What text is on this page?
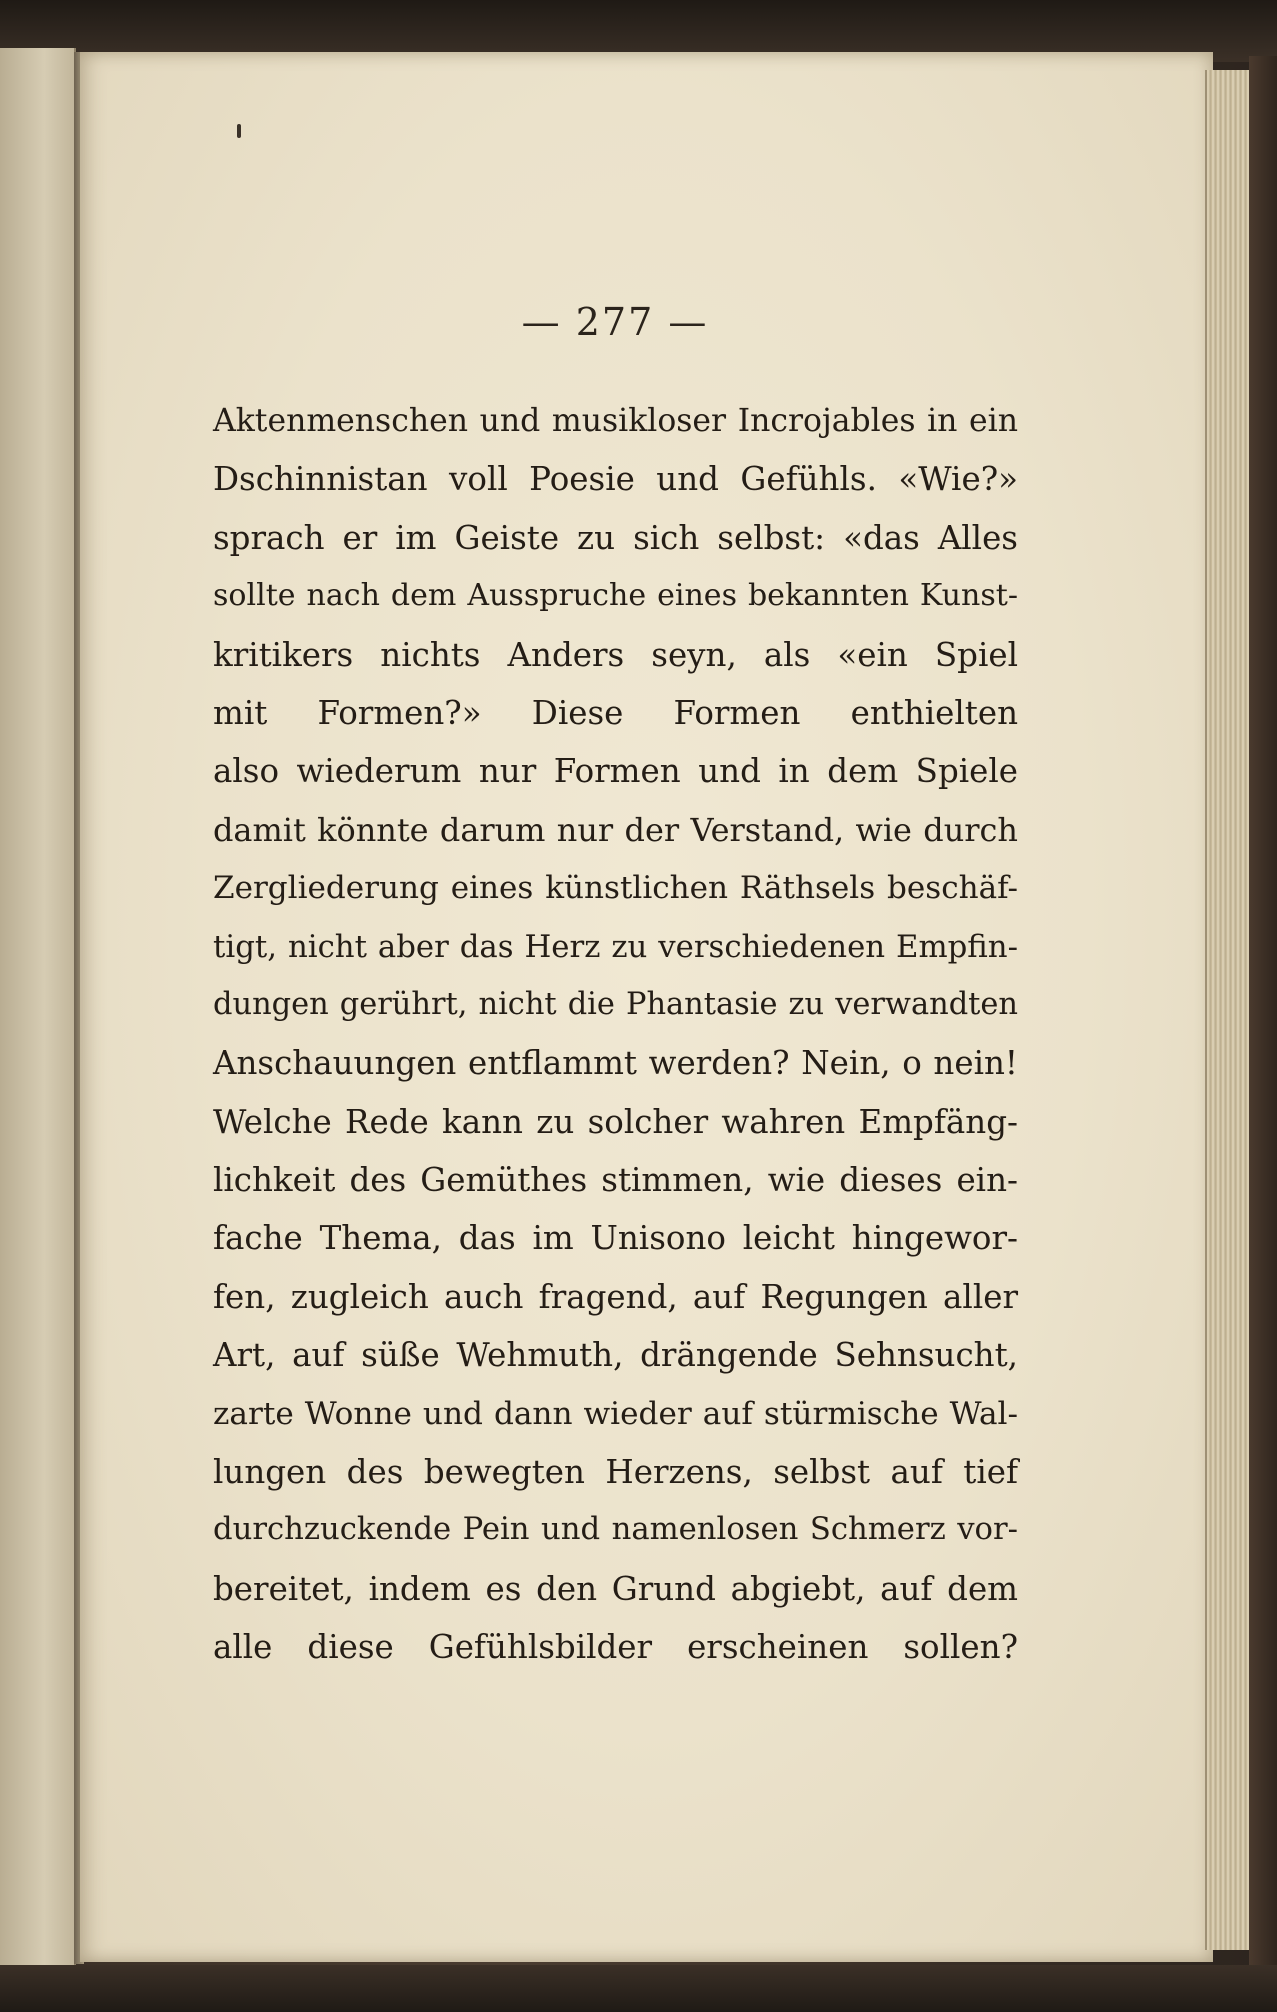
— 277 —
Aktenmenschen und musikloser Incrojables in ein
Dschinnistan voll Poesie und Gefühls. «Wie?»
sprach er im Geiste zu sich selbst: «das Alles
sollte nach dem Ausspruche eines bekannten Kunst-
kritikers nichts Anders seyn, als «ein Spiel
mit Formen?» Diese Formen enthielten
also wiederum nur Formen und in dem Spiele
damit könnte darum nur der Verstand, wie durch
Zergliederung eines künstlichen Räthsels beschäf-
tigt, nicht aber das Herz zu verschiedenen Empfin-
dungen gerührt, nicht die Phantasie zu verwandten
Anschauungen entflammt werden? Nein, o nein!
Welche Rede kann zu solcher wahren Empfäng-
lichkeit des Gemüthes stimmen, wie dieses ein-
fache Thema, das im Unisono leicht hingewor-
fen, zugleich auch fragend, auf Regungen aller
Art, auf süße Wehmuth, drängende Sehnsucht,
zarte Wonne und dann wieder auf stürmische Wal-
lungen des bewegten Herzens, selbst auf tief
durchzuckende Pein und namenlosen Schmerz vor-
bereitet, indem es den Grund abgiebt, auf dem
alle diese Gefühlsbilder erscheinen sollen?
